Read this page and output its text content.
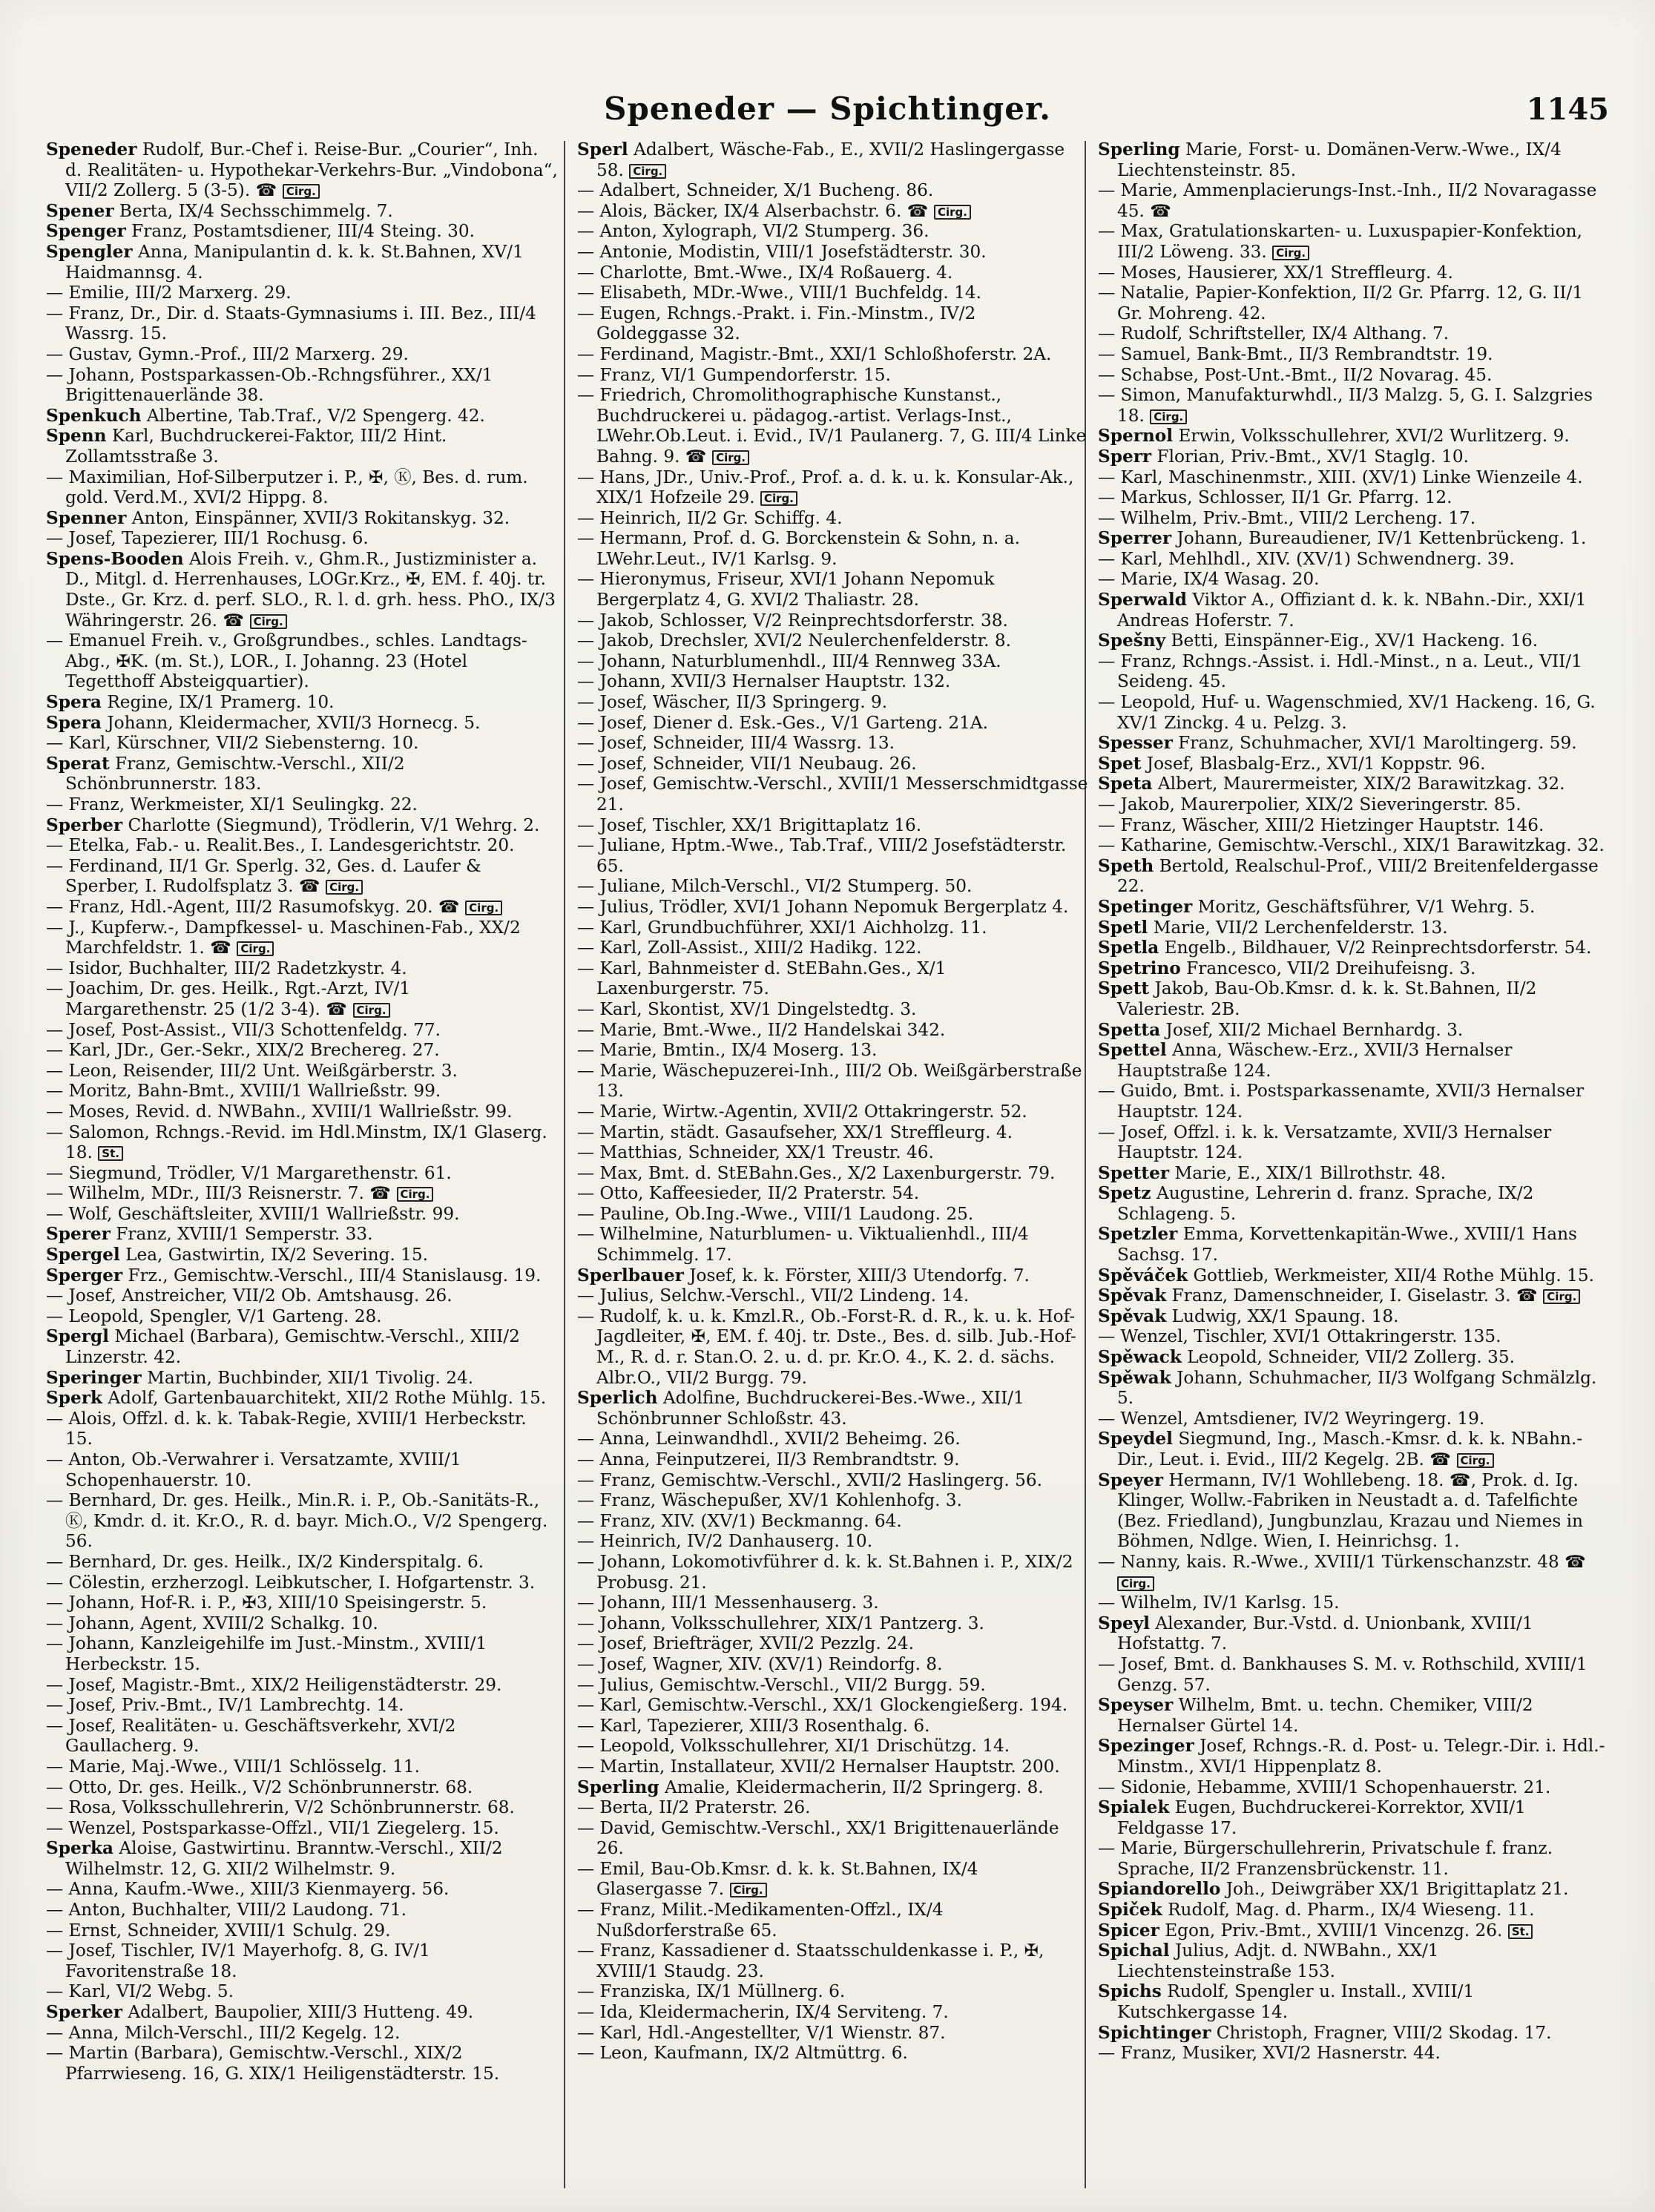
Speneder — Spichtinger.	1145

Speneder Rudolf, Bur.-Chef i. Reise-Bur. „Courier“, Inh. d. Realitäten- u. Hypothekar-Verkehrs-Bur. „Vindobona“, VII/2 Zollerg. 5 (3-5). ☎ Cirg.

Spener Berta, IX/4 Sechsschimmelg. 7.

Spenger Franz, Postamtsdiener, III/4 Steing. 30.

Spengler Anna, Manipulantin d. k. k. St.Bahnen, XV/1 Haidmannsg. 4.

— Emilie, III/2 Marxerg. 29.

— Franz, Dr., Dir. d. Staats-Gymnasiums i. III. Bez., III/4 Wassrg. 15.

— Gustav, Gymn.-Prof., III/2 Marxerg. 29.

— Johann, Postsparkassen-Ob.-Rchngsführer., XX/1 Brigittenauerlände 38.

Spenkuch Albertine, Tab.Traf., V/2 Spengerg. 42.

Spenn Karl, Buchdruckerei-Faktor, III/2 Hint. Zollamtsstraße 3.

— Maximilian, Hof-Silberputzer i. P., ✠, Ⓚ, Bes. d. rum. gold. Verd.M., XVI/2 Hippg. 8.

Spenner Anton, Einspänner, XVII/3 Rokitanskyg. 32.

— Josef, Tapezierer, III/1 Rochusg. 6.

Spens-Booden Alois Freih. v., Ghm.R., Justizminister a. D., Mitgl. d. Herrenhauses, LOGr.Krz., ✠, EM. f. 40j. tr. Dste., Gr. Krz. d. perf. SLO., R. l. d. grh. hess. PhO., IX/3 Währingerstr. 26. ☎ Cirg.

— Emanuel Freih. v., Großgrundbes., schles. Landtags-Abg., ✠K. (m. St.), LOR., I. Johanng. 23 (Hotel Tegetthoff Absteigquartier).

Spera Regine, IX/1 Pramerg. 10.

Spera Johann, Kleidermacher, XVII/3 Hornecg. 5.

— Karl, Kürschner, VII/2 Siebensterng. 10.

Sperat Franz, Gemischtw.-Verschl., XII/2 Schönbrunnerstr. 183.

— Franz, Werkmeister, XI/1 Seulingkg. 22.

Sperber Charlotte (Siegmund), Trödlerin, V/1 Wehrg. 2.

— Etelka, Fab.- u. Realit.Bes., I. Landesgerichtstr. 20.

— Ferdinand, II/1 Gr. Sperlg. 32, Ges. d. Laufer & Sperber, I. Rudolfsplatz 3. ☎ Cirg.

— Franz, Hdl.-Agent, III/2 Rasumofskyg. 20. ☎ Cirg.

— J., Kupferw.-, Dampfkessel- u. Maschinen-Fab., XX/2 Marchfeldstr. 1. ☎ Cirg.

— Isidor, Buchhalter, III/2 Radetzkystr. 4.

— Joachim, Dr. ges. Heilk., Rgt.-Arzt, IV/1 Margarethenstr. 25 (1/2 3-4). ☎ Cirg.

— Josef, Post-Assist., VII/3 Schottenfeldg. 77.

— Karl, JDr., Ger.-Sekr., XIX/2 Brechereg. 27.

— Leon, Reisender, III/2 Unt. Weißgärberstr. 3.

— Moritz, Bahn-Bmt., XVIII/1 Wallrießstr. 99.

— Moses, Revid. d. NWBahn., XVIII/1 Wallrießstr. 99.

— Salomon, Rchngs.-Revid. im Hdl.Minstm, IX/1 Glaserg. 18. St.

— Siegmund, Trödler, V/1 Margarethenstr. 61.

— Wilhelm, MDr., III/3 Reisnerstr. 7. ☎ Cirg.

— Wolf, Geschäftsleiter, XVIII/1 Wallrießstr. 99.

Sperer Franz, XVIII/1 Semperstr. 33.

Spergel Lea, Gastwirtin, IX/2 Severing. 15.

Sperger Frz., Gemischtw.-Verschl., III/4 Stanislausg. 19.

— Josef, Anstreicher, VII/2 Ob. Amtshausg. 26.

— Leopold, Spengler, V/1 Garteng. 28.

Spergl Michael (Barbara), Gemischtw.-Verschl., XIII/2 Linzerstr. 42.

Speringer Martin, Buchbinder, XII/1 Tivolig. 24.

Sperk Adolf, Gartenbauarchitekt, XII/2 Rothe Mühlg. 15.

— Alois, Offzl. d. k. k. Tabak-Regie, XVIII/1 Herbeckstr. 15.

— Anton, Ob.-Verwahrer i. Versatzamte, XVIII/1 Schopenhauerstr. 10.

— Bernhard, Dr. ges. Heilk., Min.R. i. P., Ob.-Sanitäts-R., Ⓚ, Kmdr. d. it. Kr.O., R. d. bayr. Mich.O., V/2 Spengerg. 56.

— Bernhard, Dr. ges. Heilk., IX/2 Kinderspitalg. 6.

— Cölestin, erzherzogl. Leibkutscher, I. Hofgartenstr. 3.

— Johann, Hof-R. i. P., ✠3, XIII/10 Speisingerstr. 5.

— Johann, Agent, XVIII/2 Schalkg. 10.

— Johann, Kanzleigehilfe im Just.-Minstm., XVIII/1 Herbeckstr. 15.

— Josef, Magistr.-Bmt., XIX/2 Heiligenstädterstr. 29.

— Josef, Priv.-Bmt., IV/1 Lambrechtg. 14.

— Josef, Realitäten- u. Geschäftsverkehr, XVI/2 Gaullacherg. 9.

— Marie, Maj.-Wwe., VIII/1 Schlösselg. 11.

— Otto, Dr. ges. Heilk., V/2 Schönbrunnerstr. 68.

— Rosa, Volksschullehrerin, V/2 Schönbrunnerstr. 68.

— Wenzel, Postsparkasse-Offzl., VII/1 Ziegelerg. 15.

Sperka Aloise, Gastwirtinu. Branntw.-Verschl., XII/2 Wilhelmstr. 12, G. XII/2 Wilhelmstr. 9.

— Anna, Kaufm.-Wwe., XIII/3 Kienmayerg. 56.

— Anton, Buchhalter, VIII/2 Laudong. 71.

— Ernst, Schneider, XVIII/1 Schulg. 29.

— Josef, Tischler, IV/1 Mayerhofg. 8, G. IV/1 Favoritenstraße 18.

— Karl, VI/2 Webg. 5.

Sperker Adalbert, Baupolier, XIII/3 Hutteng. 49.

— Anna, Milch-Verschl., III/2 Kegelg. 12.

— Martin (Barbara), Gemischtw.-Verschl., XIX/2 Pfarrwieseng. 16, G. XIX/1 Heiligenstädterstr. 15.

Sperl Adalbert, Wäsche-Fab., E., XVII/2 Haslingergasse 58. Cirg.

— Adalbert, Schneider, X/1 Bucheng. 86.

— Alois, Bäcker, IX/4 Alserbachstr. 6. ☎ Cirg.

— Anton, Xylograph, VI/2 Stumperg. 36.

— Antonie, Modistin, VIII/1 Josefstädterstr. 30.

— Charlotte, Bmt.-Wwe., IX/4 Roßauerg. 4.

— Elisabeth, MDr.-Wwe., VIII/1 Buchfeldg. 14.

— Eugen, Rchngs.-Prakt. i. Fin.-Minstm., IV/2 Goldeggasse 32.

— Ferdinand, Magistr.-Bmt., XXI/1 Schloßhoferstr. 2A.

— Franz, VI/1 Gumpendorferstr. 15.

— Friedrich, Chromolithographische Kunstanst., Buchdruckerei u. pädagog.-artist. Verlags-Inst., LWehr.Ob.Leut. i. Evid., IV/1 Paulanerg. 7, G. III/4 Linke Bahng. 9. ☎ Cirg.

— Hans, JDr., Univ.-Prof., Prof. a. d. k. u. k. Konsular-Ak., XIX/1 Hofzeile 29. Cirg.

— Heinrich, II/2 Gr. Schiffg. 4.

— Hermann, Prof. d. G. Borckenstein & Sohn, n. a. LWehr.Leut., IV/1 Karlsg. 9.

— Hieronymus, Friseur, XVI/1 Johann Nepomuk Bergerplatz 4, G. XVI/2 Thaliastr. 28.

— Jakob, Schlosser, V/2 Reinprechtsdorferstr. 38.

— Jakob, Drechsler, XVI/2 Neulerchenfelderstr. 8.

— Johann, Naturblumenhdl., III/4 Rennweg 33A.

— Johann, XVII/3 Hernalser Hauptstr. 132.

— Josef, Wäscher, II/3 Springerg. 9.

— Josef, Diener d. Esk.-Ges., V/1 Garteng. 21A.

— Josef, Schneider, III/4 Wassrg. 13.

— Josef, Schneider, VII/1 Neubaug. 26.

— Josef, Gemischtw.-Verschl., XVIII/1 Messerschmidtgasse 21.

— Josef, Tischler, XX/1 Brigittaplatz 16.

— Juliane, Hptm.-Wwe., Tab.Traf., VIII/2 Josefstädterstr. 65.

— Juliane, Milch-Verschl., VI/2 Stumperg. 50.

— Julius, Trödler, XVI/1 Johann Nepomuk Bergerplatz 4.

— Karl, Grundbuchführer, XXI/1 Aichholzg. 11.

— Karl, Zoll-Assist., XIII/2 Hadikg. 122.

— Karl, Bahnmeister d. StEBahn.Ges., X/1 Laxenburgerstr. 75.

— Karl, Skontist, XV/1 Dingelstedtg. 3.

— Marie, Bmt.-Wwe., II/2 Handelskai 342.

— Marie, Bmtin., IX/4 Moserg. 13.

— Marie, Wäschepuzerei-Inh., III/2 Ob. Weißgärberstraße 13.

— Marie, Wirtw.-Agentin, XVII/2 Ottakringerstr. 52.

— Martin, städt. Gasaufseher, XX/1 Streffleurg. 4.

— Matthias, Schneider, XX/1 Treustr. 46.

— Max, Bmt. d. StEBahn.Ges., X/2 Laxenburgerstr. 79.

— Otto, Kaffeesieder, II/2 Praterstr. 54.

— Pauline, Ob.Ing.-Wwe., VIII/1 Laudong. 25.

— Wilhelmine, Naturblumen- u. Viktualienhdl., III/4 Schimmelg. 17.

Sperlbauer Josef, k. k. Förster, XIII/3 Utendorfg. 7.

— Julius, Selchw.-Verschl., VII/2 Lindeng. 14.

— Rudolf, k. u. k. Kmzl.R., Ob.-Forst-R. d. R., k. u. k. Hof-Jagdleiter, ✠, EM. f. 40j. tr. Dste., Bes. d. silb. Jub.-Hof-M., R. d. r. Stan.O. 2. u. d. pr. Kr.O. 4., K. 2. d. sächs. Albr.O., VII/2 Burgg. 79.

Sperlich Adolfine, Buchdruckerei-Bes.-Wwe., XII/1 Schönbrunner Schloßstr. 43.

— Anna, Leinwandhdl., XVII/2 Beheimg. 26.

— Anna, Feinputzerei, II/3 Rembrandtstr. 9.

— Franz, Gemischtw.-Verschl., XVII/2 Haslingerg. 56.

— Franz, Wäschepußer, XV/1 Kohlenhofg. 3.

— Franz, XIV. (XV/1) Beckmanng. 64.

— Heinrich, IV/2 Danhauserg. 10.

— Johann, Lokomotivführer d. k. k. St.Bahnen i. P., XIX/2 Probusg. 21.

— Johann, III/1 Messenhauserg. 3.

— Johann, Volksschullehrer, XIX/1 Pantzerg. 3.

— Josef, Briefträger, XVII/2 Pezzlg. 24.

— Josef, Wagner, XIV. (XV/1) Reindorfg. 8.

— Julius, Gemischtw.-Verschl., VII/2 Burgg. 59.

— Karl, Gemischtw.-Verschl., XX/1 Glockengießerg. 194.

— Karl, Tapezierer, XIII/3 Rosenthalg. 6.

— Leopold, Volksschullehrer, XI/1 Drischützg. 14.

— Martin, Installateur, XVII/2 Hernalser Hauptstr. 200.

Sperling Amalie, Kleidermacherin, II/2 Springerg. 8.

— Berta, II/2 Praterstr. 26.

— David, Gemischtw.-Verschl., XX/1 Brigittenauerlände 26.

— Emil, Bau-Ob.Kmsr. d. k. k. St.Bahnen, IX/4 Glasergasse 7. Cirg.

— Franz, Milit.-Medikamenten-Offzl., IX/4 Nußdorferstraße 65.

— Franz, Kassadiener d. Staatsschuldenkasse i. P., ✠, XVIII/1 Staudg. 23.

— Franziska, IX/1 Müllnerg. 6.

— Ida, Kleidermacherin, IX/4 Serviteng. 7.

— Karl, Hdl.-Angestellter, V/1 Wienstr. 87.

— Leon, Kaufmann, IX/2 Altmüttrg. 6.

Sperling Marie, Forst- u. Domänen-Verw.-Wwe., IX/4 Liechtensteinstr. 85.

— Marie, Ammenplacierungs-Inst.-Inh., II/2 Novaragasse 45. ☎

— Max, Gratulationskarten- u. Luxuspapier-Konfektion, III/2 Löweng. 33. Cirg.

— Moses, Hausierer, XX/1 Streffleurg. 4.

— Natalie, Papier-Konfektion, II/2 Gr. Pfarrg. 12, G. II/1 Gr. Mohreng. 42.

— Rudolf, Schriftsteller, IX/4 Althang. 7.

— Samuel, Bank-Bmt., II/3 Rembrandtstr. 19.

— Schabse, Post-Unt.-Bmt., II/2 Novarag. 45.

— Simon, Manufakturwhdl., II/3 Malzg. 5, G. I. Salzgries 18. Cirg.

Spernol Erwin, Volksschullehrer, XVI/2 Wurlitzerg. 9.

Sperr Florian, Priv.-Bmt., XV/1 Staglg. 10.

— Karl, Maschinenmstr., XIII. (XV/1) Linke Wienzeile 4.

— Markus, Schlosser, II/1 Gr. Pfarrg. 12.

— Wilhelm, Priv.-Bmt., VIII/2 Lercheng. 17.

Sperrer Johann, Bureaudiener, IV/1 Kettenbrückeng. 1.

— Karl, Mehlhdl., XIV. (XV/1) Schwendnerg. 39.

— Marie, IX/4 Wasag. 20.

Sperwald Viktor A., Offiziant d. k. k. NBahn.-Dir., XXI/1 Andreas Hoferstr. 7.

Spešny Betti, Einspänner-Eig., XV/1 Hackeng. 16.

— Franz, Rchngs.-Assist. i. Hdl.-Minst., n a. Leut., VII/1 Seideng. 45.

— Leopold, Huf- u. Wagenschmied, XV/1 Hackeng. 16, G. XV/1 Zinckg. 4 u. Pelzg. 3.

Spesser Franz, Schuhmacher, XVI/1 Maroltingerg. 59.

Spet Josef, Blasbalg-Erz., XVI/1 Koppstr. 96.

Speta Albert, Maurermeister, XIX/2 Barawitzkag. 32.

— Jakob, Maurerpolier, XIX/2 Sieveringerstr. 85.

— Franz, Wäscher, XIII/2 Hietzinger Hauptstr. 146.

— Katharine, Gemischtw.-Verschl., XIX/1 Barawitzkag. 32.

Speth Bertold, Realschul-Prof., VIII/2 Breitenfeldergasse 22.

Spetinger Moritz, Geschäftsführer, V/1 Wehrg. 5.

Spetl Marie, VII/2 Lerchenfelderstr. 13.

Spetla Engelb., Bildhauer, V/2 Reinprechtsdorferstr. 54.

Spetrino Francesco, VII/2 Dreihufeisng. 3.

Spett Jakob, Bau-Ob.Kmsr. d. k. k. St.Bahnen, II/2 Valeriestr. 2B.

Spetta Josef, XII/2 Michael Bernhardg. 3.

Spettel Anna, Wäschew.-Erz., XVII/3 Hernalser Hauptstraße 124.

— Guido, Bmt. i. Postsparkassenamte, XVII/3 Hernalser Hauptstr. 124.

— Josef, Offzl. i. k. k. Versatzamte, XVII/3 Hernalser Hauptstr. 124.

Spetter Marie, E., XIX/1 Billrothstr. 48.

Spetz Augustine, Lehrerin d. franz. Sprache, IX/2 Schlageng. 5.

Spetzler Emma, Korvettenkapitän-Wwe., XVIII/1 Hans Sachsg. 17.

Spěváček Gottlieb, Werkmeister, XII/4 Rothe Mühlg. 15.

Spěvak Franz, Damenschneider, I. Giselastr. 3. ☎ Cirg.

Spěvak Ludwig, XX/1 Spaung. 18.

— Wenzel, Tischler, XVI/1 Ottakringerstr. 135.

Spěwack Leopold, Schneider, VII/2 Zollerg. 35.

Spěwak Johann, Schuhmacher, II/3 Wolfgang Schmälzlg. 5.

— Wenzel, Amtsdiener, IV/2 Weyringerg. 19.

Speydel Siegmund, Ing., Masch.-Kmsr. d. k. k. NBahn.-Dir., Leut. i. Evid., III/2 Kegelg. 2B. ☎ Cirg.

Speyer Hermann, IV/1 Wohllebeng. 18. ☎, Prok. d. Ig. Klinger, Wollw.-Fabriken in Neustadt a. d. Tafelfichte (Bez. Friedland), Jungbunzlau, Krazau und Niemes in Böhmen, Ndlge. Wien, I. Heinrichsg. 1.

— Nanny, kais. R.-Wwe., XVIII/1 Türkenschanzstr. 48 ☎ Cirg.

— Wilhelm, IV/1 Karlsg. 15.

Speyl Alexander, Bur.-Vstd. d. Unionbank, XVIII/1 Hofstattg. 7.

— Josef, Bmt. d. Bankhauses S. M. v. Rothschild, XVIII/1 Genzg. 57.

Speyser Wilhelm, Bmt. u. techn. Chemiker, VIII/2 Hernalser Gürtel 14.

Spezinger Josef, Rchngs.-R. d. Post- u. Telegr.-Dir. i. Hdl.-Minstm., XVI/1 Hippenplatz 8.

— Sidonie, Hebamme, XVIII/1 Schopenhauerstr. 21.

Spialek Eugen, Buchdruckerei-Korrektor, XVII/1 Feldgasse 17.

— Marie, Bürgerschullehrerin, Privatschule f. franz. Sprache, II/2 Franzensbrückenstr. 11.

Spiandorello Joh., Deiwgräber XX/1 Brigittaplatz 21.

Spiček Rudolf, Mag. d. Pharm., IX/4 Wieseng. 11.

Spicer Egon, Priv.-Bmt., XVIII/1 Vincenzg. 26. St.

Spichal Julius, Adjt. d. NWBahn., XX/1 Liechtensteinstraße 153.

Spichs Rudolf, Spengler u. Install., XVIII/1 Kutschkergasse 14.

Spichtinger Christoph, Fragner, VIII/2 Skodag. 17.

— Franz, Musiker, XVI/2 Hasnerstr. 44.
